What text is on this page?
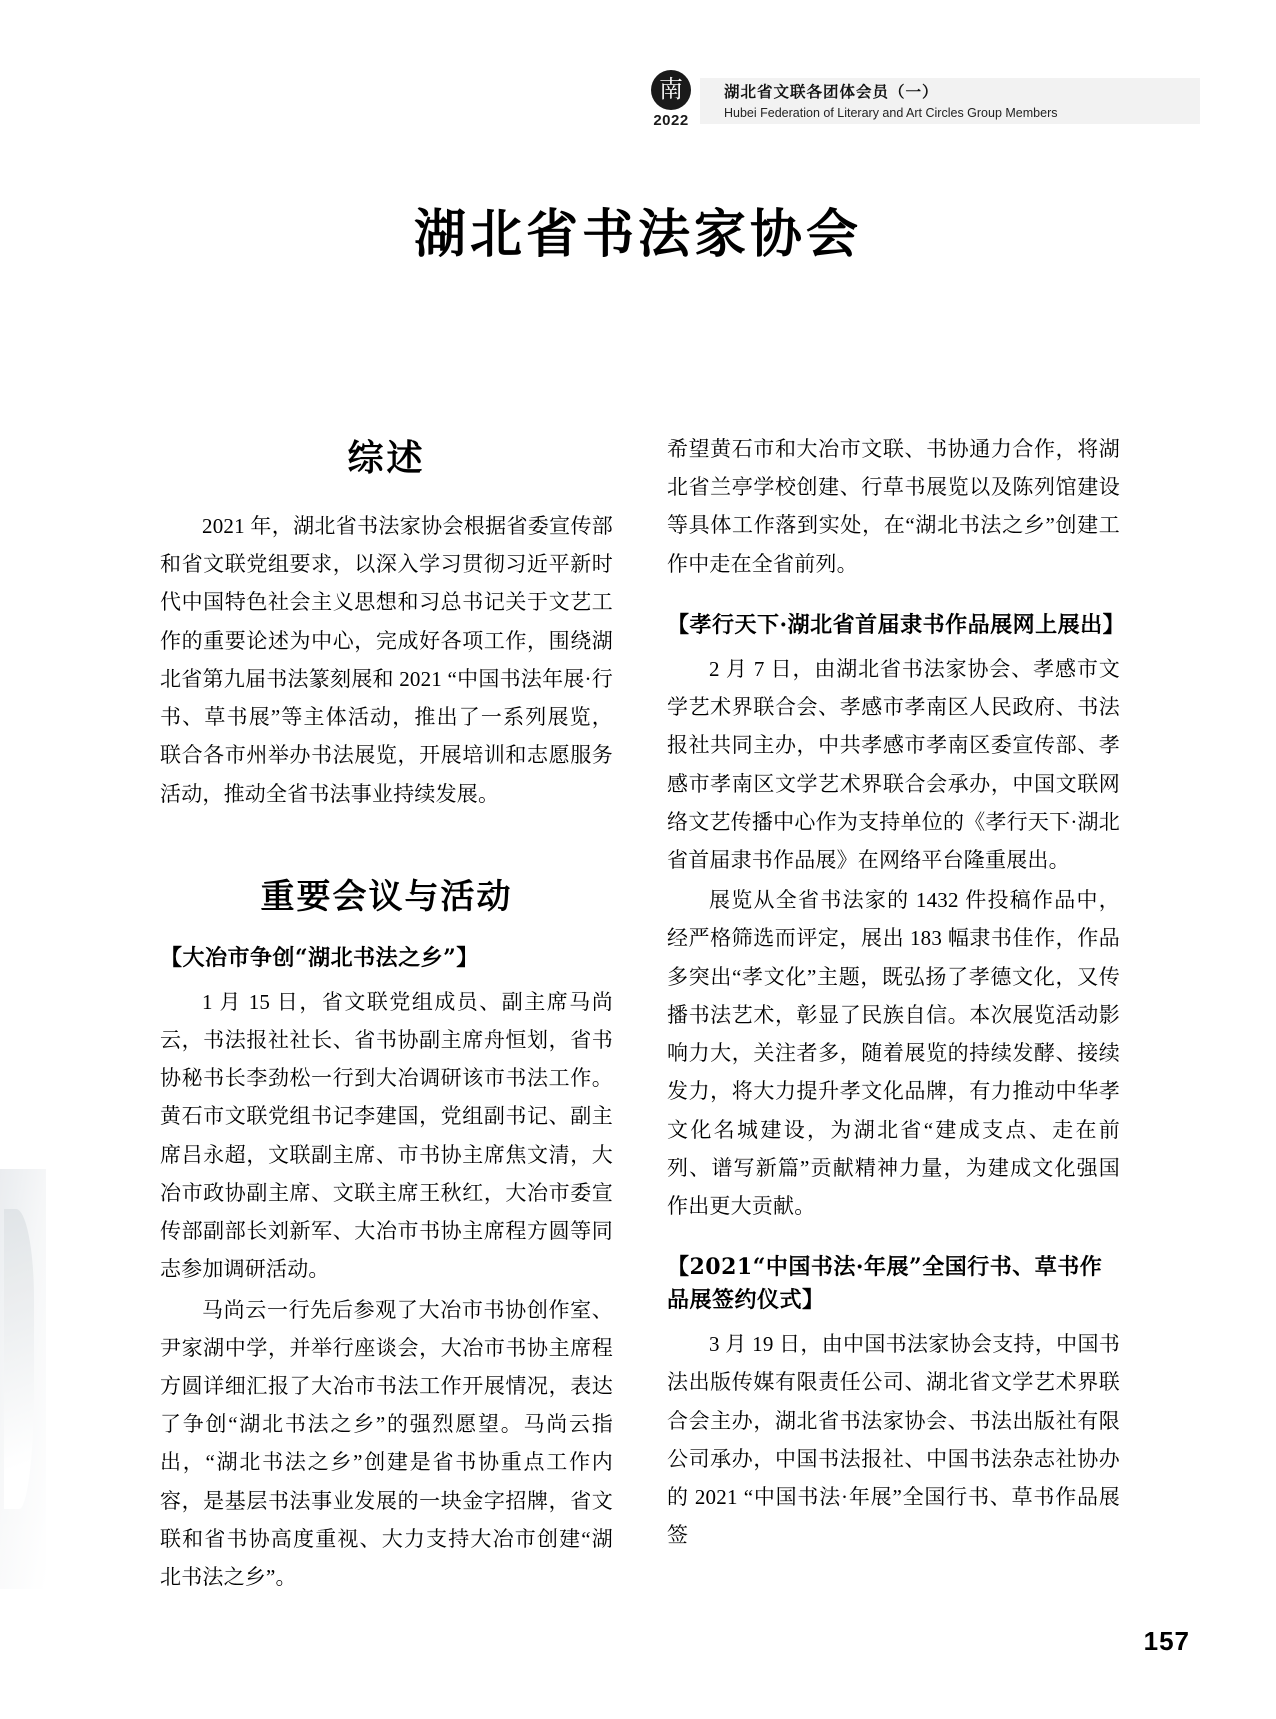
南
2022
湖北省文联各团体会员（一）
Hubei Federation of Literary and Art Circles Group Members
湖北省书法家协会
综述

2021 年，湖北省书法家协会根据省委宣传部和省文联党组要求，以深入学习贯彻习近平新时代中国特色社会主义思想和习总书记关于文艺工作的重要论述为中心，完成好各项工作，围绕湖北省第九届书法篆刻展和 2021 “中国书法年展·行书、草书展”等主体活动，推出了一系列展览，联合各市州举办书法展览，开展培训和志愿服务活动，推动全省书法事业持续发展。

重要会议与活动
【大冶市争创“湖北书法之乡”】

1 月 15 日，省文联党组成员、副主席马尚云，书法报社社长、省书协副主席舟恒划，省书协秘书长李劲松一行到大冶调研该市书法工作。黄石市文联党组书记李建国，党组副书记、副主席吕永超，文联副主席、市书协主席焦文清，大冶市政协副主席、文联主席王秋红，大冶市委宣传部副部长刘新军、大冶市书协主席程方圆等同志参加调研活动。

马尚云一行先后参观了大冶市书协创作室、尹家湖中学，并举行座谈会，大冶市书协主席程方圆详细汇报了大冶市书法工作开展情况，表达了争创“湖北书法之乡”的强烈愿望。马尚云指出，“湖北书法之乡”创建是省书协重点工作内容，是基层书法事业发展的一块金字招牌，省文联和省书协高度重视、大力支持大冶市创建“湖北书法之乡”。

希望黄石市和大冶市文联、书协通力合作，将湖北省兰亭学校创建、行草书展览以及陈列馆建设等具体工作落到实处，在“湖北书法之乡”创建工作中走在全省前列。

【孝行天下·湖北省首届隶书作品展网上展出】

2 月 7 日，由湖北省书法家协会、孝感市文学艺术界联合会、孝感市孝南区人民政府、书法报社共同主办，中共孝感市孝南区委宣传部、孝感市孝南区文学艺术界联合会承办，中国文联网络文艺传播中心作为支持单位的《孝行天下·湖北省首届隶书作品展》在网络平台隆重展出。

展览从全省书法家的 1432 件投稿作品中，经严格筛选而评定，展出 183 幅隶书佳作，作品多突出“孝文化”主题，既弘扬了孝德文化，又传播书法艺术，彰显了民族自信。本次展览活动影响力大，关注者多，随着展览的持续发酵、接续发力，将大力提升孝文化品牌，有力推动中华孝文化名城建设，为湖北省“建成支点、走在前列、谱写新篇”贡献精神力量，为建成文化强国作出更大贡献。

【2021“中国书法·年展”全国行书、草书作品展签约仪式】

3 月 19 日，由中国书法家协会支持，中国书法出版传媒有限责任公司、湖北省文学艺术界联合会主办，湖北省书法家协会、书法出版社有限公司承办，中国书法报社、中国书法杂志社协办的 2021 “中国书法·年展”全国行书、草书作品展签

157
